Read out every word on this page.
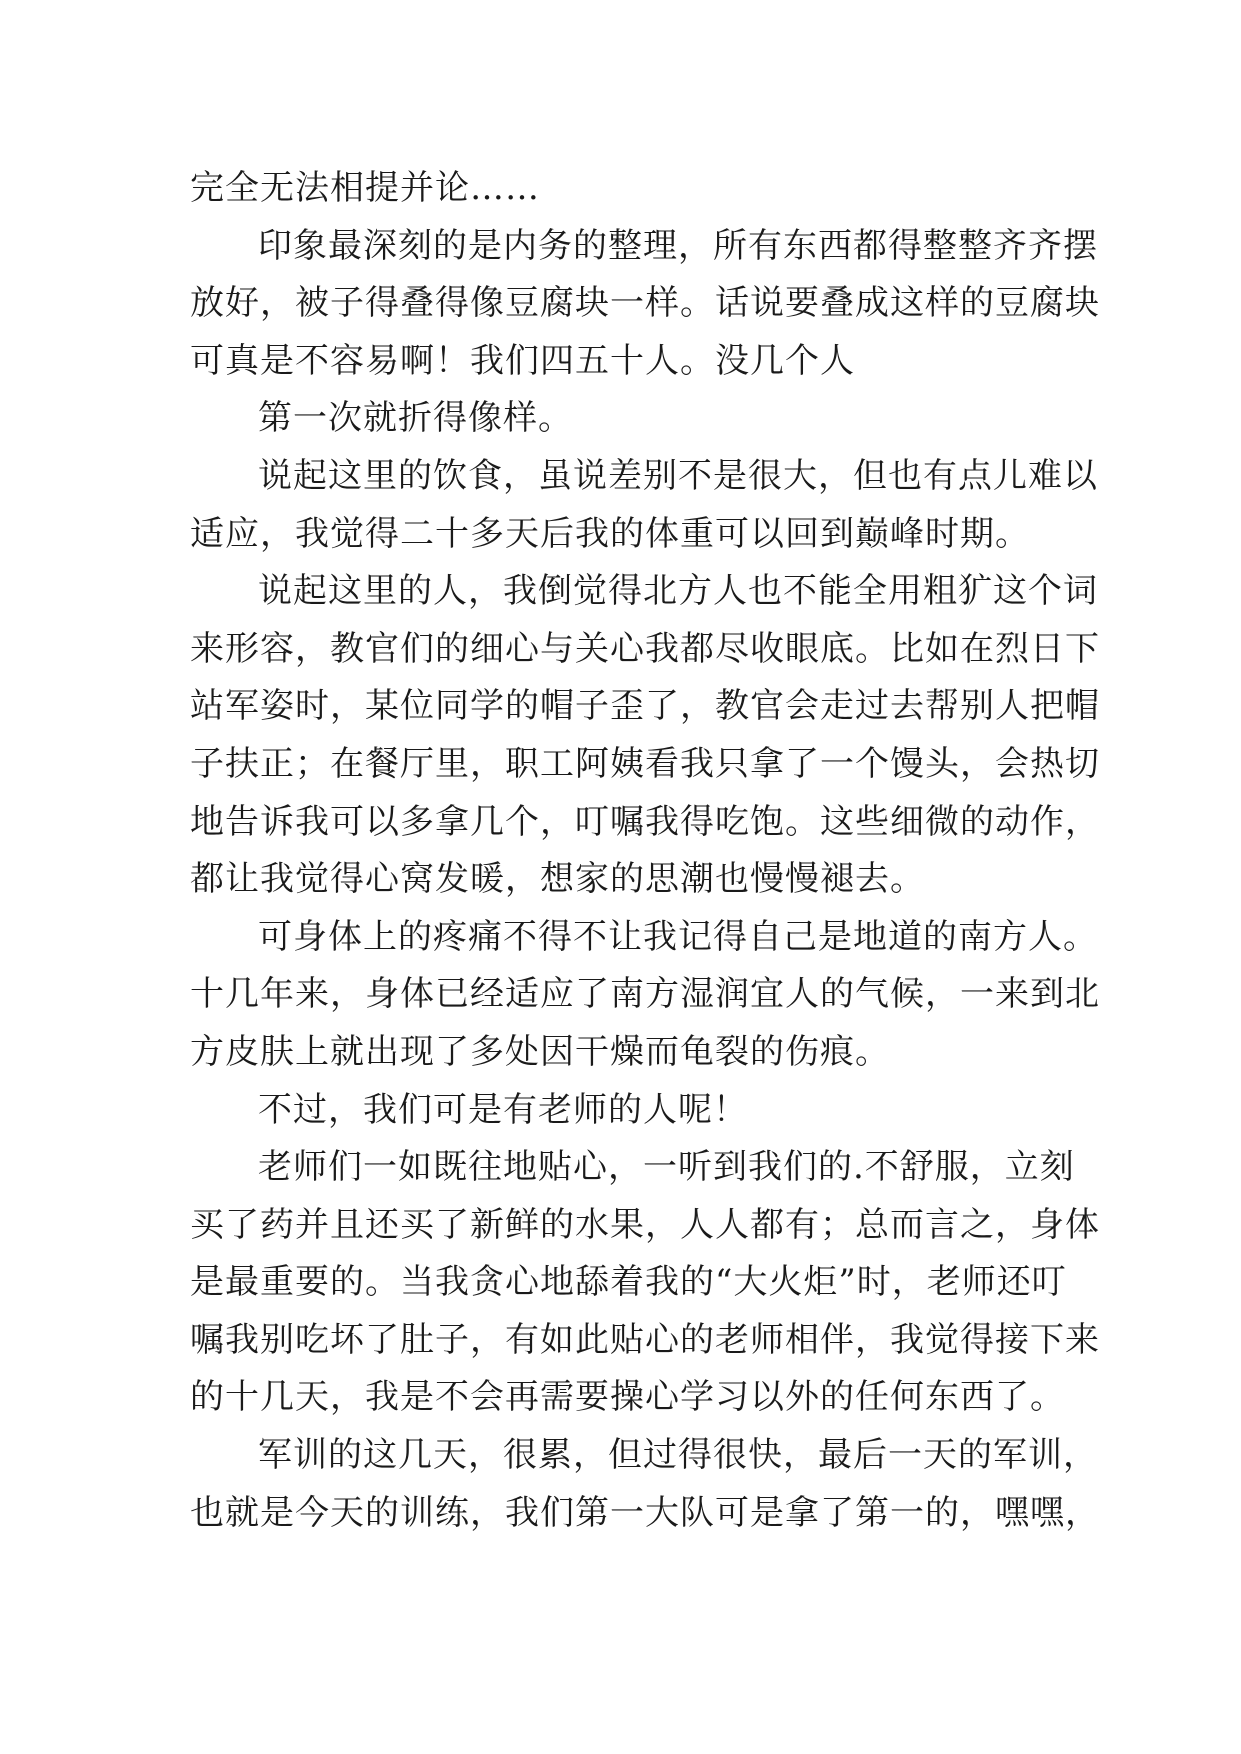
完全无法相提并论……
印象最深刻的是内务的整理，所有东西都得整整齐齐摆
放好，被子得叠得像豆腐块一样。话说要叠成这样的豆腐块
可真是不容易啊！我们四五十人。没几个人
第一次就折得像样。
说起这里的饮食，虽说差别不是很大，但也有点儿难以
适应，我觉得二十多天后我的体重可以回到巅峰时期。
说起这里的人，我倒觉得北方人也不能全用粗犷这个词
来形容，教官们的细心与关心我都尽收眼底。比如在烈日下
站军姿时，某位同学的帽子歪了，教官会走过去帮别人把帽
子扶正；在餐厅里，职工阿姨看我只拿了一个馒头，会热切
地告诉我可以多拿几个，叮嘱我得吃饱。这些细微的动作，
都让我觉得心窝发暖，想家的思潮也慢慢褪去。
可身体上的疼痛不得不让我记得自己是地道的南方人。
十几年来，身体已经适应了南方湿润宜人的气候，一来到北
方皮肤上就出现了多处因干燥而龟裂的伤痕。
不过，我们可是有老师的人呢！
老师们一如既往地贴心，一听到我们的.不舒服，立刻
买了药并且还买了新鲜的水果，人人都有；总而言之，身体
是最重要的。当我贪心地舔着我的“大火炬”时，老师还叮
嘱我别吃坏了肚子，有如此贴心的老师相伴，我觉得接下来
的十几天，我是不会再需要操心学习以外的任何东西了。
军训的这几天，很累，但过得很快，最后一天的军训，
也就是今天的训练，我们第一大队可是拿了第一的，嘿嘿，
